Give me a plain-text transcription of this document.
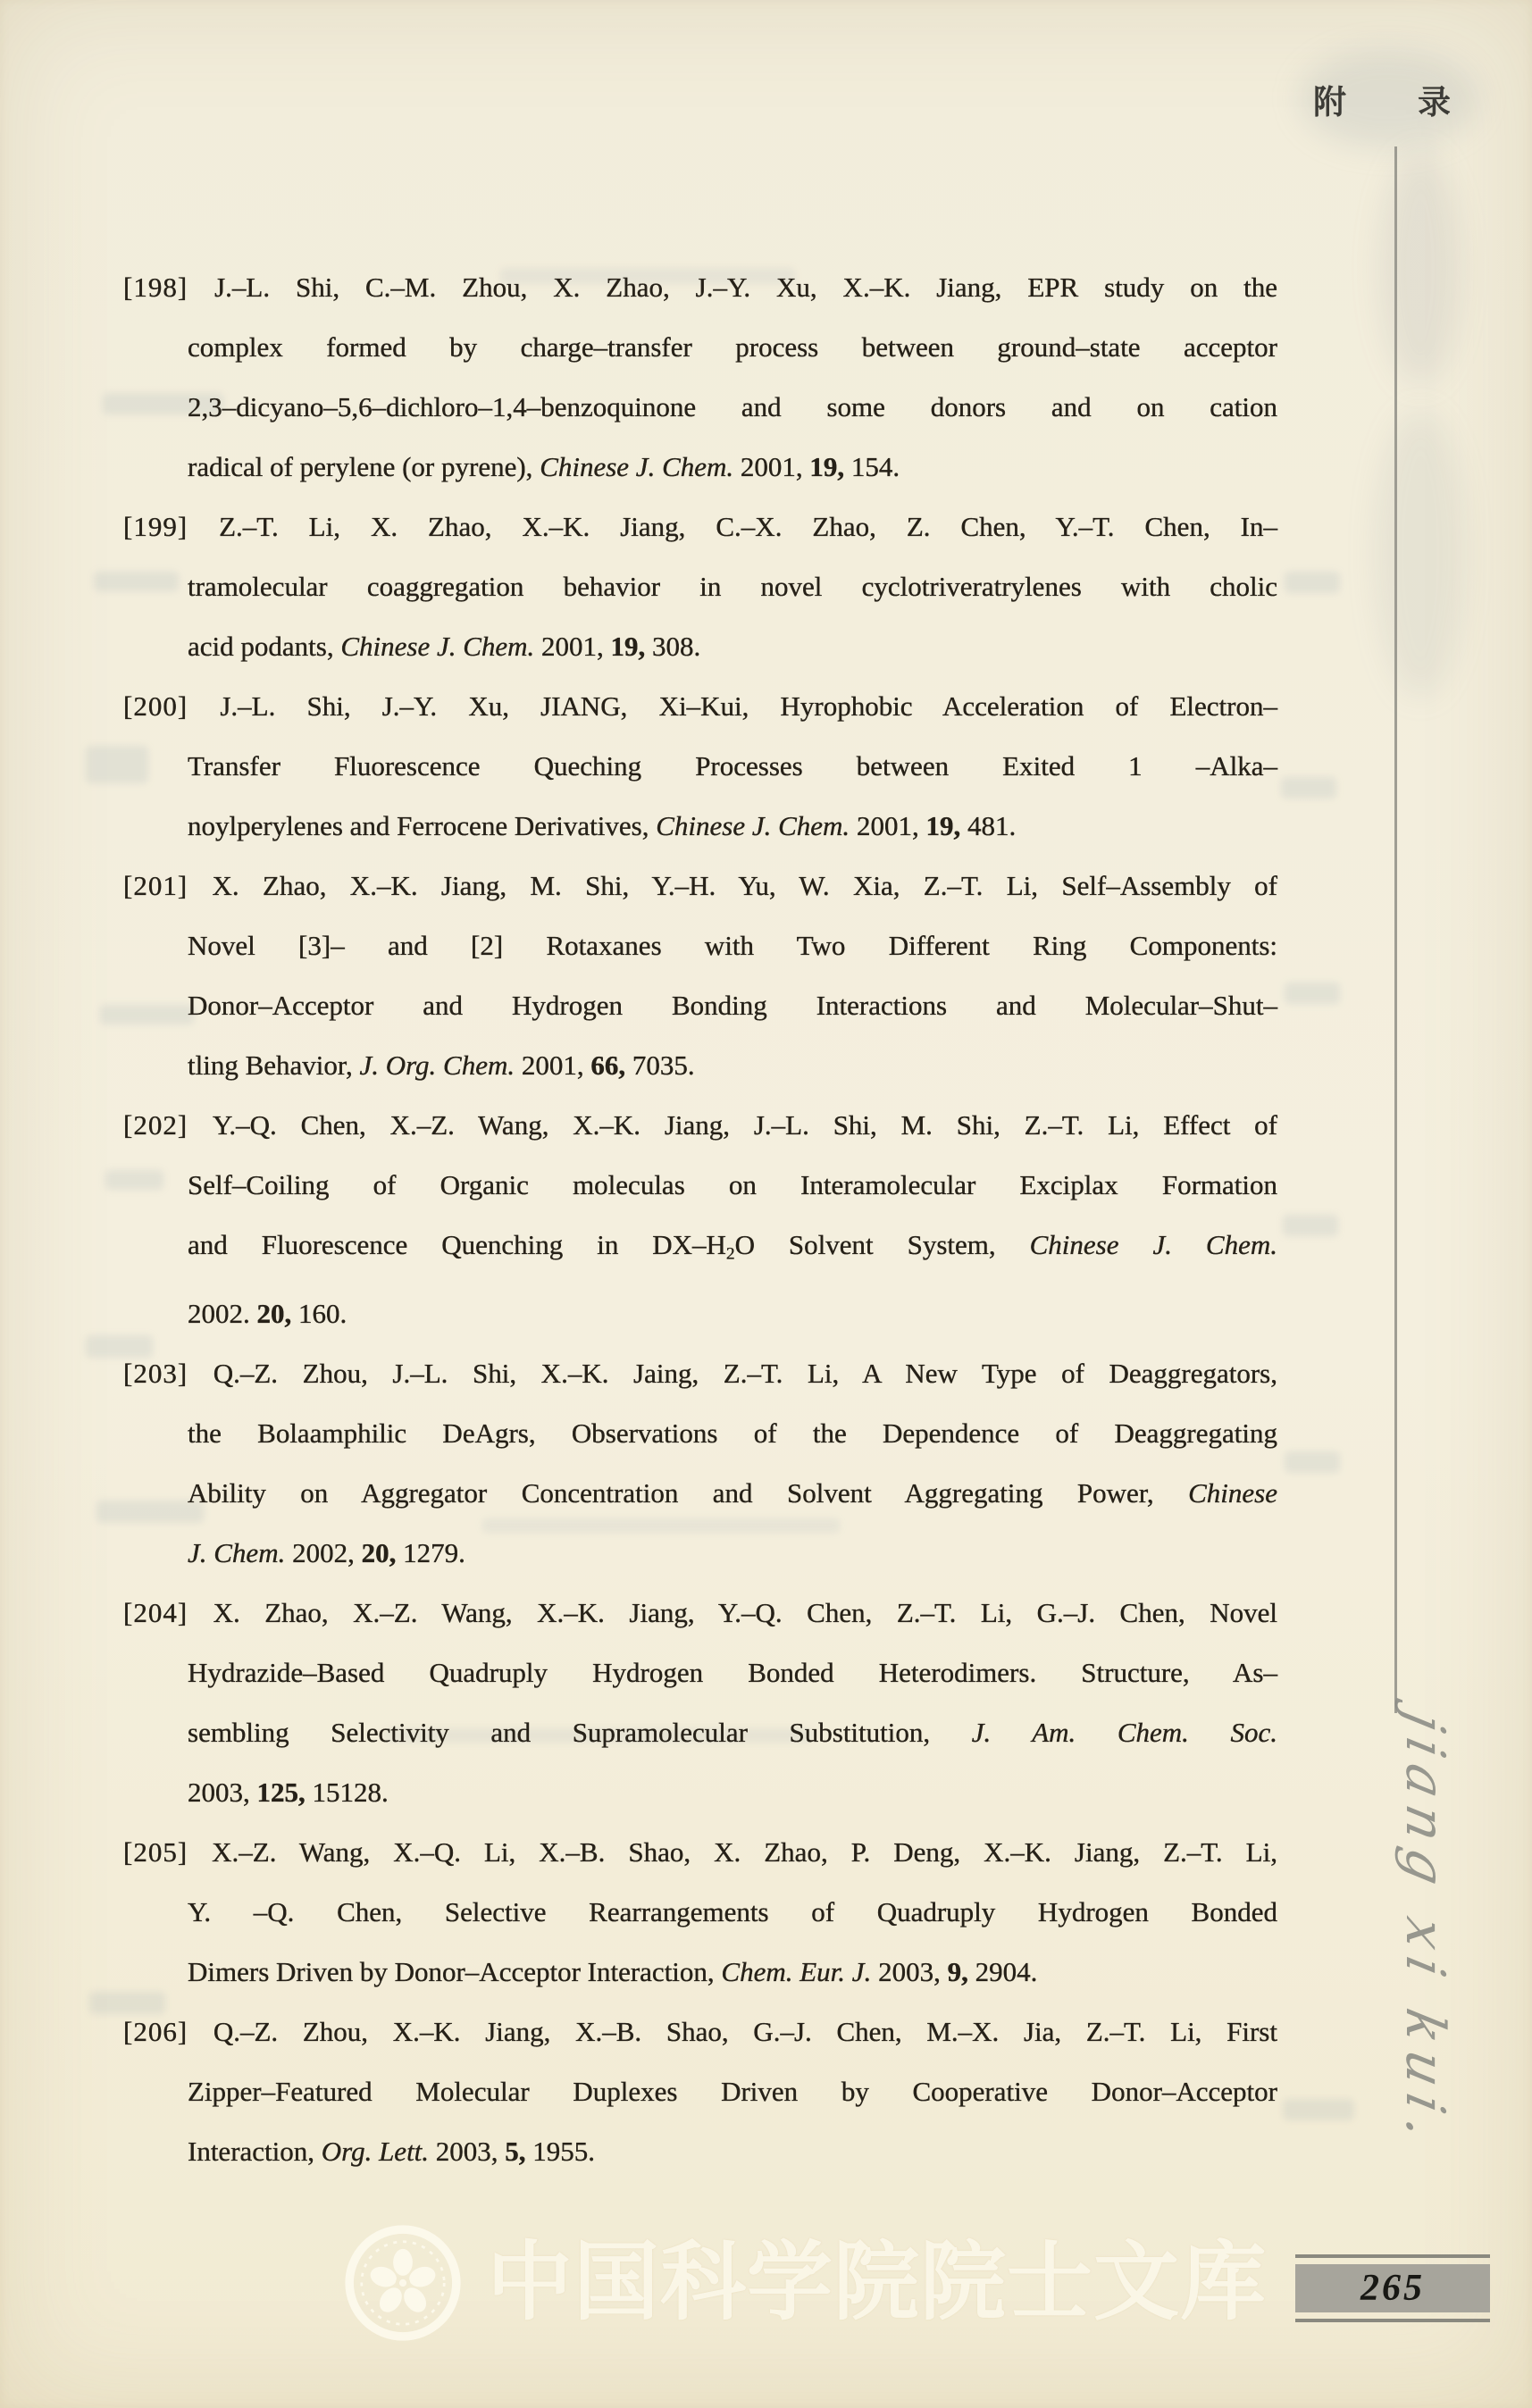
附 录
[198] J.–L. Shi, C.–M. Zhou, X. Zhao, J.–Y. Xu, X.–K. Jiang, EPR study on the
complex formed by charge–transfer process between ground–state acceptor
2,3–dicyano–5,6–dichloro–1,4–benzoquinone and some donors and on cation
radical of perylene (or pyrene), Chinese J. Chem. 2001, 19, 154.
[199] Z.–T. Li, X. Zhao, X.–K. Jiang, C.–X. Zhao, Z. Chen, Y.–T. Chen, In–
tramolecular coaggregation behavior in novel cyclotriveratrylenes with cholic
acid podants, Chinese J. Chem. 2001, 19, 308.
[200] J.–L. Shi, J.–Y. Xu, JIANG, Xi–Kui, Hyrophobic Acceleration of Electron–
Transfer Fluorescence Queching Processes between Exited 1 –Alka–
noylperylenes and Ferrocene Derivatives, Chinese J. Chem. 2001, 19, 481.
[201] X. Zhao, X.–K. Jiang, M. Shi, Y.–H. Yu, W. Xia, Z.–T. Li, Self–Assembly of
Novel [3]– and [2] Rotaxanes with Two Different Ring Components:
Donor–Acceptor and Hydrogen Bonding Interactions and Molecular–Shut–
tling Behavior, J. Org. Chem. 2001, 66, 7035.
[202] Y.–Q. Chen, X.–Z. Wang, X.–K. Jiang, J.–L. Shi, M. Shi, Z.–T. Li, Effect of
Self–Coiling of Organic moleculas on Interamolecular Exciplax Formation
and Fluorescence Quenching in $DX-H_2O$ Solvent System, Chinese J. Chem.
2002. 20, 160.
[203] Q.–Z. Zhou, J.–L. Shi, X.–K. Jaing, Z.–T. Li, A New Type of Deaggregators,
the Bolaamphilic DeAgrs, Observations of the Dependence of Deaggregating
Ability on Aggregator Concentration and Solvent Aggregating Power, Chinese
J. Chem. 2002, 20, 1279.
[204] X. Zhao, X.–Z. Wang, X.–K. Jiang, Y.–Q. Chen, Z.–T. Li, G.–J. Chen, Novel
Hydrazide–Based Quadruply Hydrogen Bonded Heterodimers. Structure, As–
sembling Selectivity and Supramolecular Substitution, J. Am. Chem. Soc.
2003, 125, 15128.
[205] X.–Z. Wang, X.–Q. Li, X.–B. Shao, X. Zhao, P. Deng, X.–K. Jiang, Z.–T. Li,
Y. –Q. Chen, Selective Rearrangements of Quadruply Hydrogen Bonded
Dimers Driven by Donor–Acceptor Interaction, Chem. Eur. J. 2003, 9, 2904.
[206] Q.–Z. Zhou, X.–K. Jiang, X.–B. Shao, G.–J. Chen, M.–X. Jia, Z.–T. Li, First
Zipper–Featured Molecular Duplexes Driven by Cooperative Donor–Acceptor
Interaction, Org. Lett. 2003, 5, 1955.	jiang xi kui.
中国科学院院士文库	265
